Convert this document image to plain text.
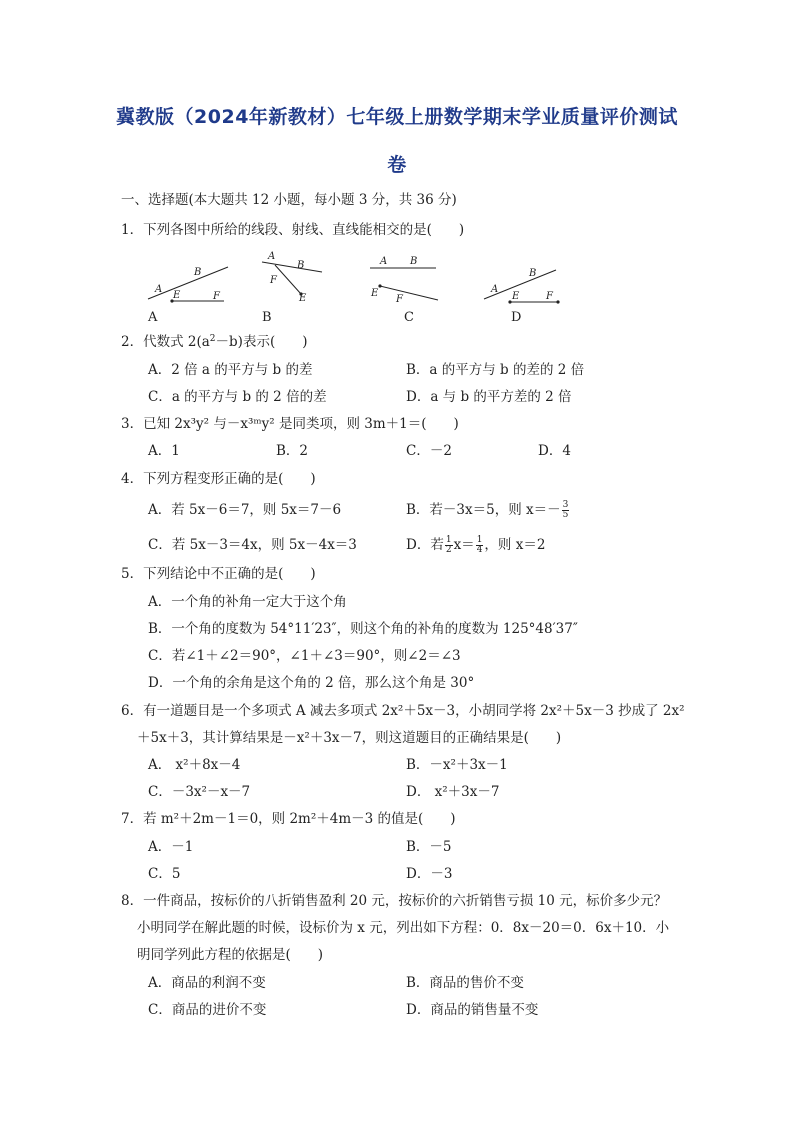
冀教版（2024年新教材）七年级上册数学期末学业质量评价测试
卷
一、选择题(本大题共 12 小题，每小题 3 分，共 36 分)
1．下列各图中所给的线段、射线、直线能相交的是(　　)
A
B
E	F
A
B
F
E
A B
E
F
A
B
E	F
A	B	C	D
2．代数式 $2(a^2-b)$表示(　　)
A．2 倍 a 的平方与 b 的差	B．a 的平方与 b 的差的 2 倍
C．a 的平方与 b 的 2 倍的差	D．a 与 b 的平方差的 2 倍
3．已知 2x³y² 与－x³ᵐy² 是同类项，则 3m＋1＝(　　)
A．1	B．2	C．－2	D．4
4．下列方程变形正确的是(　　)
A．若 5x－6＝7，则 5x＝7－6	B．若－3x＝5，则 $x=- \frac{3}{5}$
C．若 5x－3＝4x，则 5x－4x＝3	D．若 $\frac{1}{2} x= \frac{1}{4}$ ，则 x＝2
5．下列结论中不正确的是(　　)
A．一个角的补角一定大于这个角
B．一个角的度数为 54°11′23″，则这个角的补角的度数为 125°48′37″
C．若∠1＋∠2＝90°，∠1＋∠3＝90°，则∠2＝∠3
D．一个角的余角是这个角的 2 倍，那么这个角是 30°
6．有一道题目是一个多项式 A 减去多项式 2x²＋5x－3，小胡同学将 2x²＋5x－3 抄成了 2x²
＋5x＋3，其计算结果是－x²＋3x－7，则这道题目的正确结果是(　　)
A． x²＋8x－4	B．－x²＋3x－1
C．－3x²－x－7	D． x²＋3x－7
7．若 m²＋2m－1＝0，则 2m²＋4m－3 的值是(　　)
A．－1	B．－5
C．5	D．－3
8．一件商品，按标价的八折销售盈利 20 元，按标价的六折销售亏损 10 元，标价多少元？
小明同学在解此题的时候，设标价为 x 元，列出如下方程：0．8x－20＝0．6x＋10．小
明同学列此方程的依据是(　　)
A．商品的利润不变	B．商品的售价不变
C．商品的进价不变	D．商品的销售量不变
